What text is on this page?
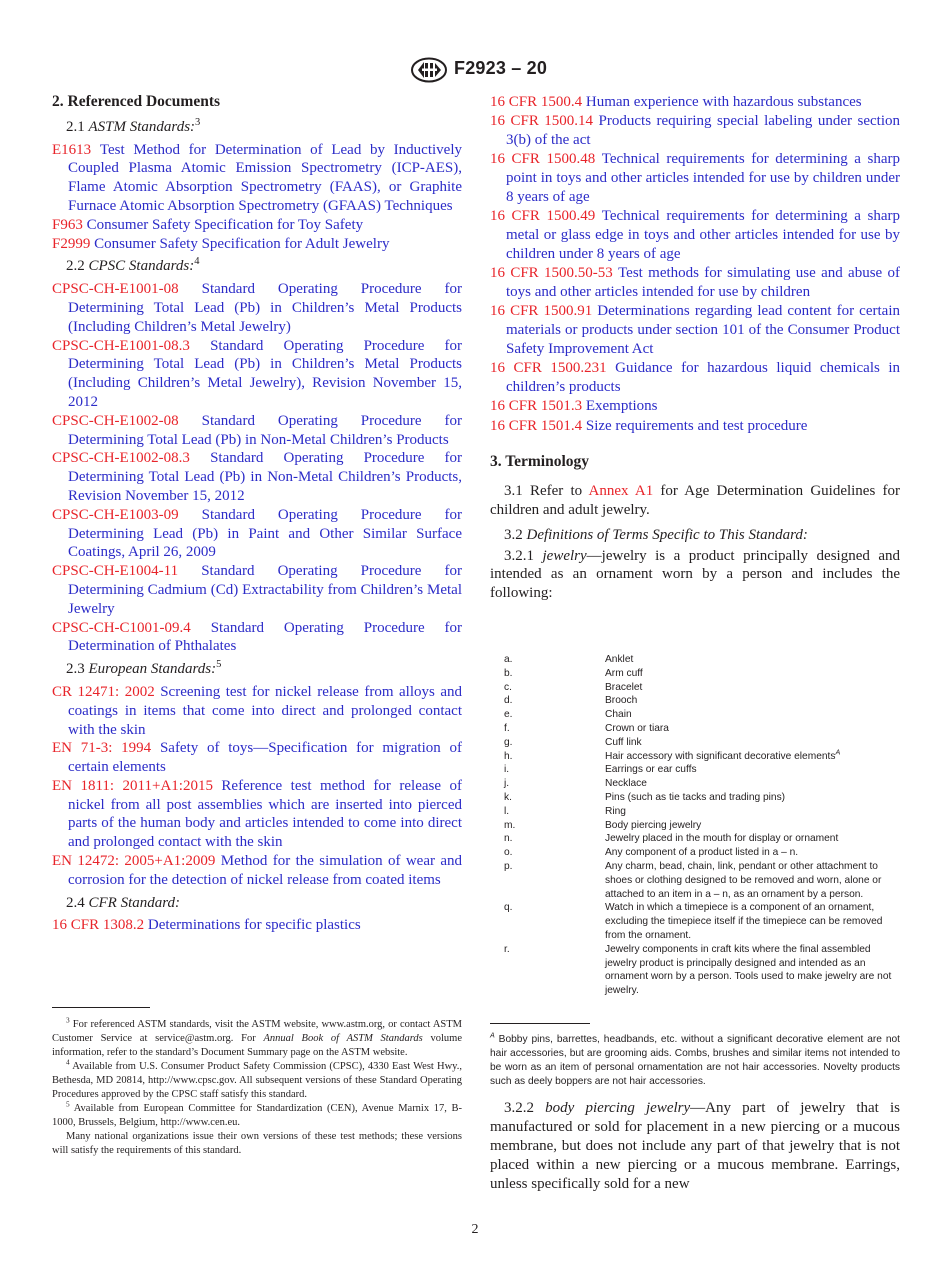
F2923 – 20

2. Referenced Documents

2.1 ASTM Standards:$^3$

E1613 Test Method for Determination of Lead by Inductively Coupled Plasma Atomic Emission Spectrometry (ICP-AES), Flame Atomic Absorption Spectrometry (FAAS), or Graphite Furnace Atomic Absorption Spectrometry (GFAAS) Techniques

F963 Consumer Safety Specification for Toy Safety

F2999 Consumer Safety Specification for Adult Jewelry

2.2 CPSC Standards:$^4$

CPSC-CH-E1001-08 Standard Operating Procedure for Determining Total Lead (Pb) in Children’s Metal Products (Including Children’s Metal Jewelry)

CPSC-CH-E1001-08.3 Standard Operating Procedure for Determining Total Lead (Pb) in Children’s Metal Products (Including Children’s Metal Jewelry), Revision November 15, 2012

CPSC-CH-E1002-08 Standard Operating Procedure for Determining Total Lead (Pb) in Non-Metal Children’s Products

CPSC-CH-E1002-08.3 Standard Operating Procedure for Determining Total Lead (Pb) in Non-Metal Children’s Products, Revision November 15, 2012

CPSC-CH-E1003-09 Standard Operating Procedure for Determining Lead (Pb) in Paint and Other Similar Surface Coatings, April 26, 2009

CPSC-CH-E1004-11 Standard Operating Procedure for Determining Cadmium (Cd) Extractability from Children’s Metal Jewelry

CPSC-CH-C1001-09.4 Standard Operating Procedure for Determination of Phthalates

2.3 European Standards:$^5$

CR 12471: 2002 Screening test for nickel release from alloys and coatings in items that come into direct and prolonged contact with the skin

EN 71-3: 1994 Safety of toys—Specification for migration of certain elements

EN 1811: 2011+A1:2015 Reference test method for release of nickel from all post assemblies which are inserted into pierced parts of the human body and articles intended to come into direct and prolonged contact with the skin

EN 12472: 2005+A1:2009 Method for the simulation of wear and corrosion for the detection of nickel release from coated items

2.4 CFR Standard:

16 CFR 1308.2 Determinations for specific plastics

$^3$ For referenced ASTM standards, visit the ASTM website, www.astm.org, or contact ASTM Customer Service at service@astm.org. For Annual Book of ASTM Standards volume information, refer to the standard’s Document Summary page on the ASTM website.

$^4$ Available from U.S. Consumer Product Safety Commission (CPSC), 4330 East West Hwy., Bethesda, MD 20814, http://www.cpsc.gov. All subsequent versions of these Standard Operating Procedures approved by the CPSC staff satisfy this standard.

$^5$ Available from European Committee for Standardization (CEN), Avenue Marnix 17, B-1000, Brussels, Belgium, http://www.cen.eu.

Many national organizations issue their own versions of these test methods; these versions will satisfy the requirements of this standard.

16 CFR 1500.4 Human experience with hazardous substances

16 CFR 1500.14 Products requiring special labeling under section 3(b) of the act

16 CFR 1500.48 Technical requirements for determining a sharp point in toys and other articles intended for use by children under 8 years of age

16 CFR 1500.49 Technical requirements for determining a sharp metal or glass edge in toys and other articles intended for use by children under 8 years of age

16 CFR 1500.50-53 Test methods for simulating use and abuse of toys and other articles intended for use by children

16 CFR 1500.91 Determinations regarding lead content for certain materials or products under section 101 of the Consumer Product Safety Improvement Act

16 CFR 1500.231 Guidance for hazardous liquid chemicals in children’s products

16 CFR 1501.3 Exemptions

16 CFR 1501.4 Size requirements and test procedure

3. Terminology

3.1 Refer to Annex A1 for Age Determination Guidelines for children and adult jewelry.

3.2 Definitions of Terms Specific to This Standard:

3.2.1 jewelry—jewelry is a product principally designed and intended as an ornament worn by a person and includes the following:

a.	Anklet
b.	Arm cuff
c.	Bracelet
d.	Brooch
e.	Chain
f.	Crown or tiara
g.	Cuff link
h.	Hair accessory with significant decorative elements$^A$
i.	Earrings or ear cuffs
j.	Necklace
k.	Pins (such as tie tacks and trading pins)
l.	Ring
m.	Body piercing jewelry
n.	Jewelry placed in the mouth for display or ornament
o.	Any component of a product listed in a – n.
p.	Any charm, bead, chain, link, pendant or other attachment to shoes or clothing designed to be removed and worn, alone or attached to an item in a – n, as an ornament by a person.
q.	Watch in which a timepiece is a component of an ornament, excluding the timepiece itself if the timepiece can be removed from the ornament.
r.	Jewelry components in craft kits where the final assembled jewelry product is principally designed and intended as an ornament worn by a person. Tools used to make jewelry are not jewelry.

$^A$ Bobby pins, barrettes, headbands, etc. without a significant decorative element are not hair accessories, but are grooming aids. Combs, brushes and similar items not intended to be worn as an item of personal ornamentation are not hair accessories. Novelty products such as deely boppers are not hair accessories.

3.2.2 body piercing jewelry—Any part of jewelry that is manufactured or sold for placement in a new piercing or a mucous membrane, but does not include any part of that jewelry that is not placed within a new piercing or a mucous membrane. Earrings, unless specifically sold for a new

2
